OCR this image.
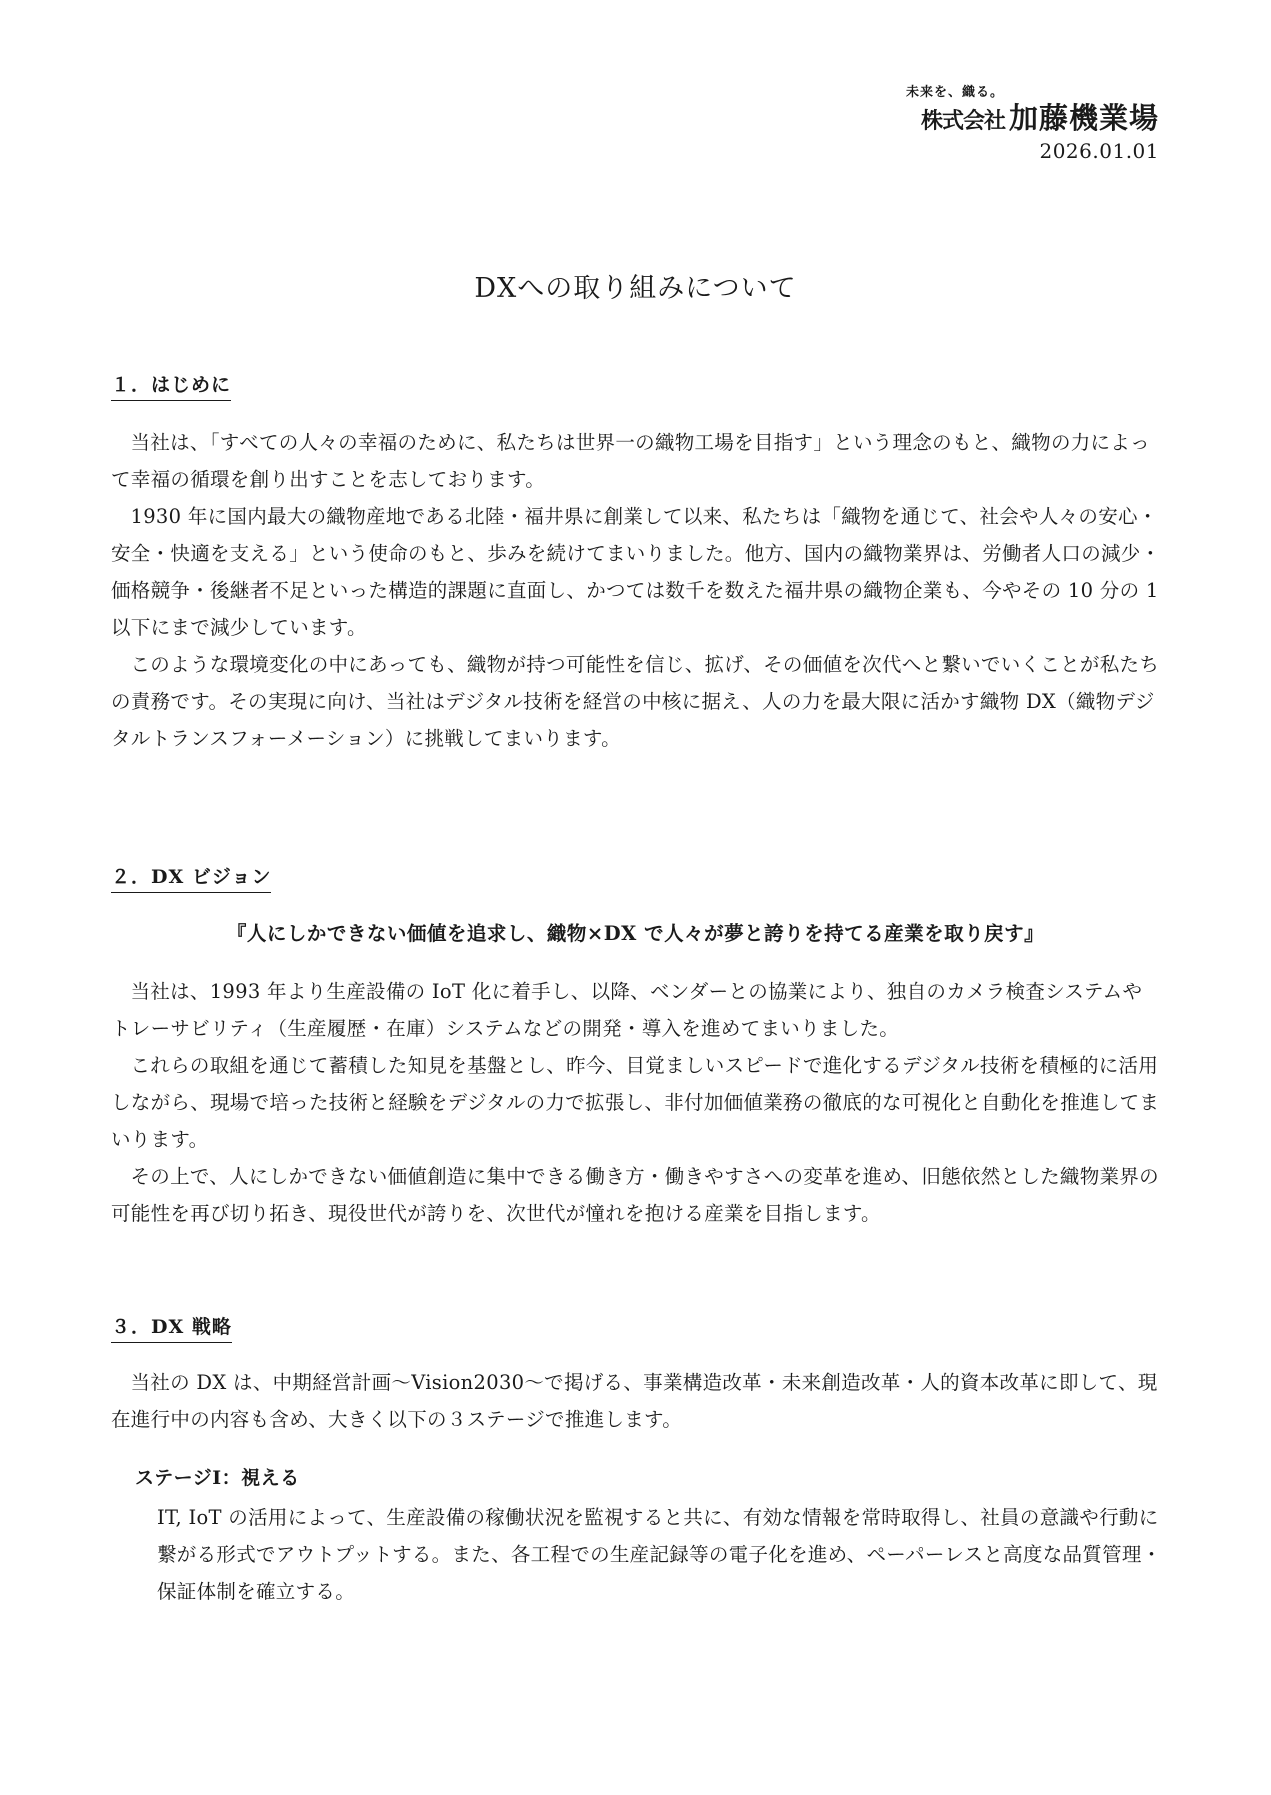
未来を、織る。
株式会社 加藤機業場
2026.01.01
DXへの取り組みについて
１．はじめに

当社は、「すべての人々の幸福のために、私たちは世界一の織物工場を目指す」という理念のもと、織物の力によって幸福の循環を創り出すことを志しております。

1930 年に国内最大の織物産地である北陸・福井県に創業して以来、私たちは「織物を通じて、社会や人々の安心・安全・快適を支える」という使命のもと、歩みを続けてまいりました。他方、国内の織物業界は、労働者人口の減少・価格競争・後継者不足といった構造的課題に直面し、かつては数千を数えた福井県の織物企業も、今やその 10 分の 1 以下にまで減少しています。

このような環境変化の中にあっても、織物が持つ可能性を信じ、拡げ、その価値を次代へと繋いでいくことが私たちの責務です。その実現に向け、当社はデジタル技術を経営の中核に据え、人の力を最大限に活かす織物 DX（織物デジタルトランスフォーメーション）に挑戦してまいります。

２．DX ビジョン
『人にしかできない価値を追求し、織物×DX で人々が夢と誇りを持てる産業を取り戻す』

当社は、1993 年より生産設備の IoT 化に着手し、以降、ベンダーとの協業により、独自のカメラ検査システムやトレーサビリティ（生産履歴・在庫）システムなどの開発・導入を進めてまいりました。

これらの取組を通じて蓄積した知見を基盤とし、昨今、目覚ましいスピードで進化するデジタル技術を積極的に活用しながら、現場で培った技術と経験をデジタルの力で拡張し、非付加価値業務の徹底的な可視化と自動化を推進してまいります。

その上で、人にしかできない価値創造に集中できる働き方・働きやすさへの変革を進め、旧態依然とした織物業界の可能性を再び切り拓き、現役世代が誇りを、次世代が憧れを抱ける産業を目指します。

３．DX 戦略

当社の DX は、中期経営計画～Vision2030～で掲げる、事業構造改革・未来創造改革・人的資本改革に即して、現在進行中の内容も含め、大きく以下の３ステージで推進します。

ステージⅠ：視える

IT, IoT の活用によって、生産設備の稼働状況を監視すると共に、有効な情報を常時取得し、社員の意識や行動に繋がる形式でアウトプットする。また、各工程での生産記録等の電子化を進め、ペーパーレスと高度な品質管理・保証体制を確立する。
